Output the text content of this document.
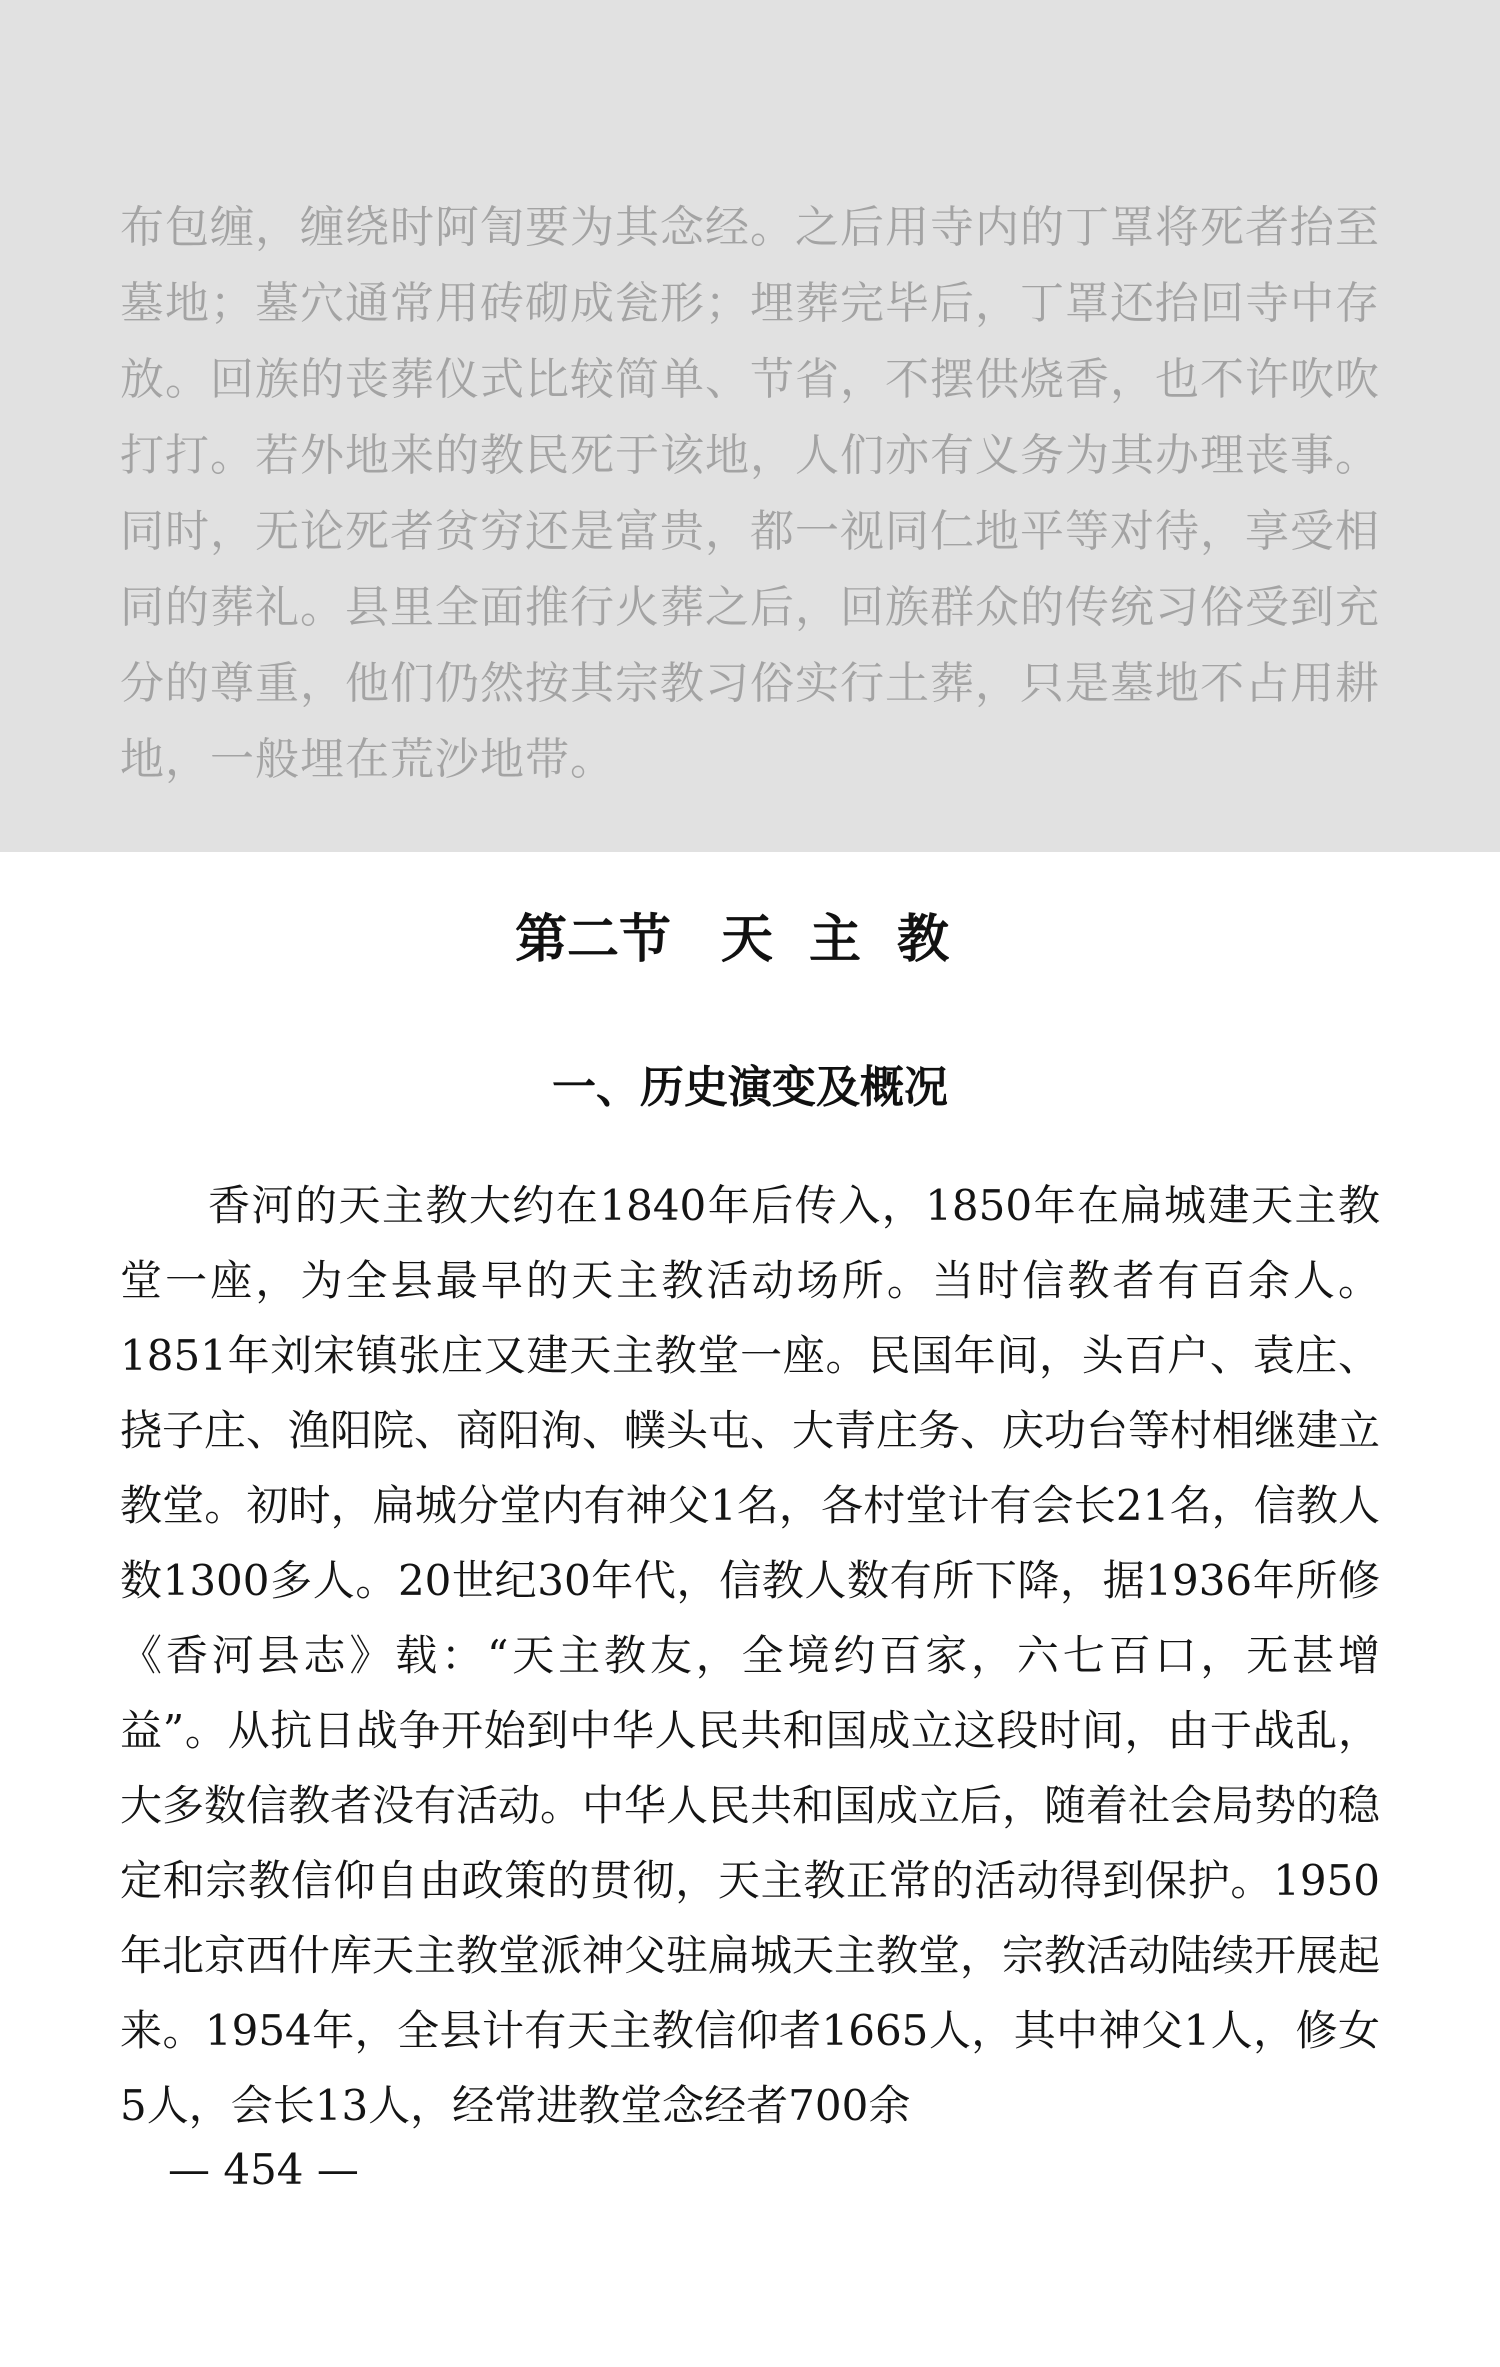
布包缠，缠绕时阿訇要为其念经。之后用寺内的丁罩将死者抬至墓地；墓穴通常用砖砌成瓮形；埋葬完毕后，丁罩还抬回寺中存放。回族的丧葬仪式比较简单、节省，不摆供烧香，也不许吹吹打打。若外地来的教民死于该地，人们亦有义务为其办理丧事。同时，无论死者贫穷还是富贵，都一视同仁地平等对待，享受相同的葬礼。县里全面推行火葬之后，回族群众的传统习俗受到充分的尊重，他们仍然按其宗教习俗实行土葬，只是墓地不占用耕地，一般埋在荒沙地带。
第二节 天主教
一、历史演变及概况
香河的天主教大约在1840年后传入，1850年在扁城建天主教堂一座，为全县最早的天主教活动场所。当时信教者有百余人。1851年刘宋镇张庄又建天主教堂一座。民国年间，头百户、袁庄、挠子庄、渔阳院、商阳洵、幞头屯、大青庄务、庆功台等村相继建立教堂。初时，扁城分堂内有神父1名，各村堂计有会长21名，信教人数1300多人。20世纪30年代，信教人数有所下降，据1936年所修《香河县志》载：“天主教友，全境约百家，六七百口，无甚增益”。从抗日战争开始到中华人民共和国成立这段时间，由于战乱，大多数信教者没有活动。中华人民共和国成立后，随着社会局势的稳定和宗教信仰自由政策的贯彻，天主教正常的活动得到保护。1950年北京西什库天主教堂派神父驻扁城天主教堂，宗教活动陆续开展起来。1954年，全县计有天主教信仰者1665人，其中神父1人，修女5人，会长13人，经常进教堂念经者700余
— 454 —
